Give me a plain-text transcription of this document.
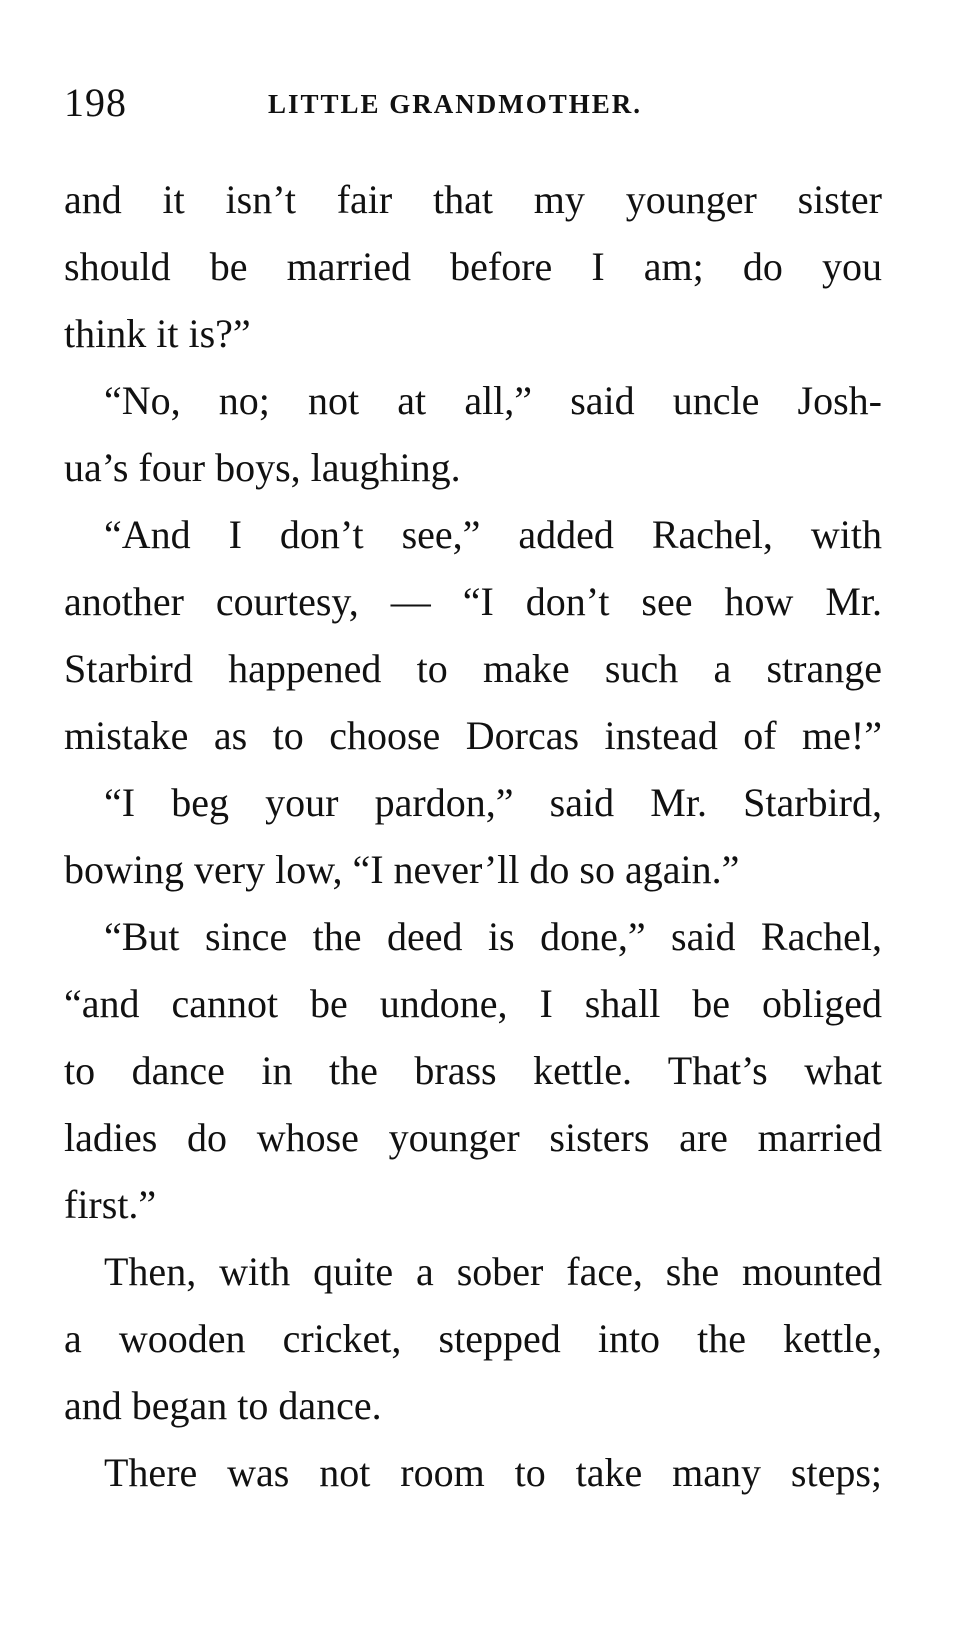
198	LITTLE GRANDMOTHER.
and it isn’t fair that my younger sister
should be married before I am; do you
think it is?”
“No, no; not at all,” said uncle Josh-
ua’s four boys, laughing.
“And I don’t see,” added Rachel, with
another courtesy, — “I don’t see how Mr.
Starbird happened to make such a strange
mistake as to choose Dorcas instead of me!”
“I beg your pardon,” said Mr. Starbird,
bowing very low, “I never’ll do so again.”
“But since the deed is done,” said Rachel,
“and cannot be undone, I shall be obliged
to dance in the brass kettle. That’s what
ladies do whose younger sisters are married
first.”
Then, with quite a sober face, she mounted
a wooden cricket, stepped into the kettle,
and began to dance.
There was not room to take many steps;
